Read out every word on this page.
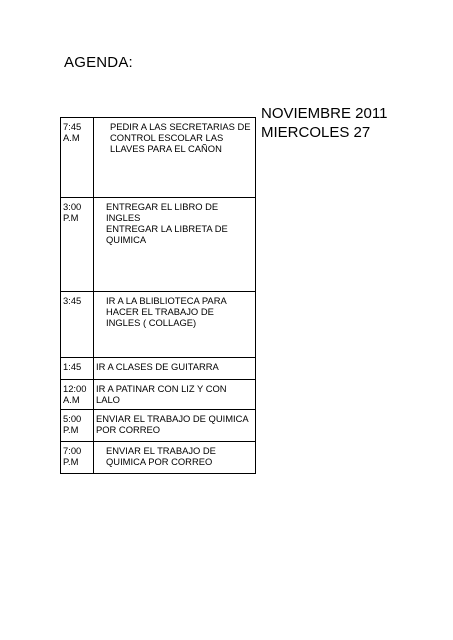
AGENDA:
NOVIEMBRE 2011
MIERCOLES 27
7:45
A.M	PEDIR A LAS SECRETARIAS DE
CONTROL ESCOLAR LAS
LLAVES PARA EL CAÑON

3:00
P.M	ENTREGAR EL LIBRO DE
INGLES
ENTREGAR LA LIBRETA DE
QUIMICA

3:45	IR A LA BLIBLIOTECA PARA
HACER EL TRABAJO DE
INGLES ( COLLAGE)

1:45	IR A CLASES DE GUITARRA

12:00
A.M	IR A PATINAR CON LIZ Y CON
LALO

5:00
P.M	ENVIAR EL TRABAJO DE QUIMICA
POR CORREO

7:00
P.M	ENVIAR EL TRABAJO DE
QUIMICA POR CORREO
